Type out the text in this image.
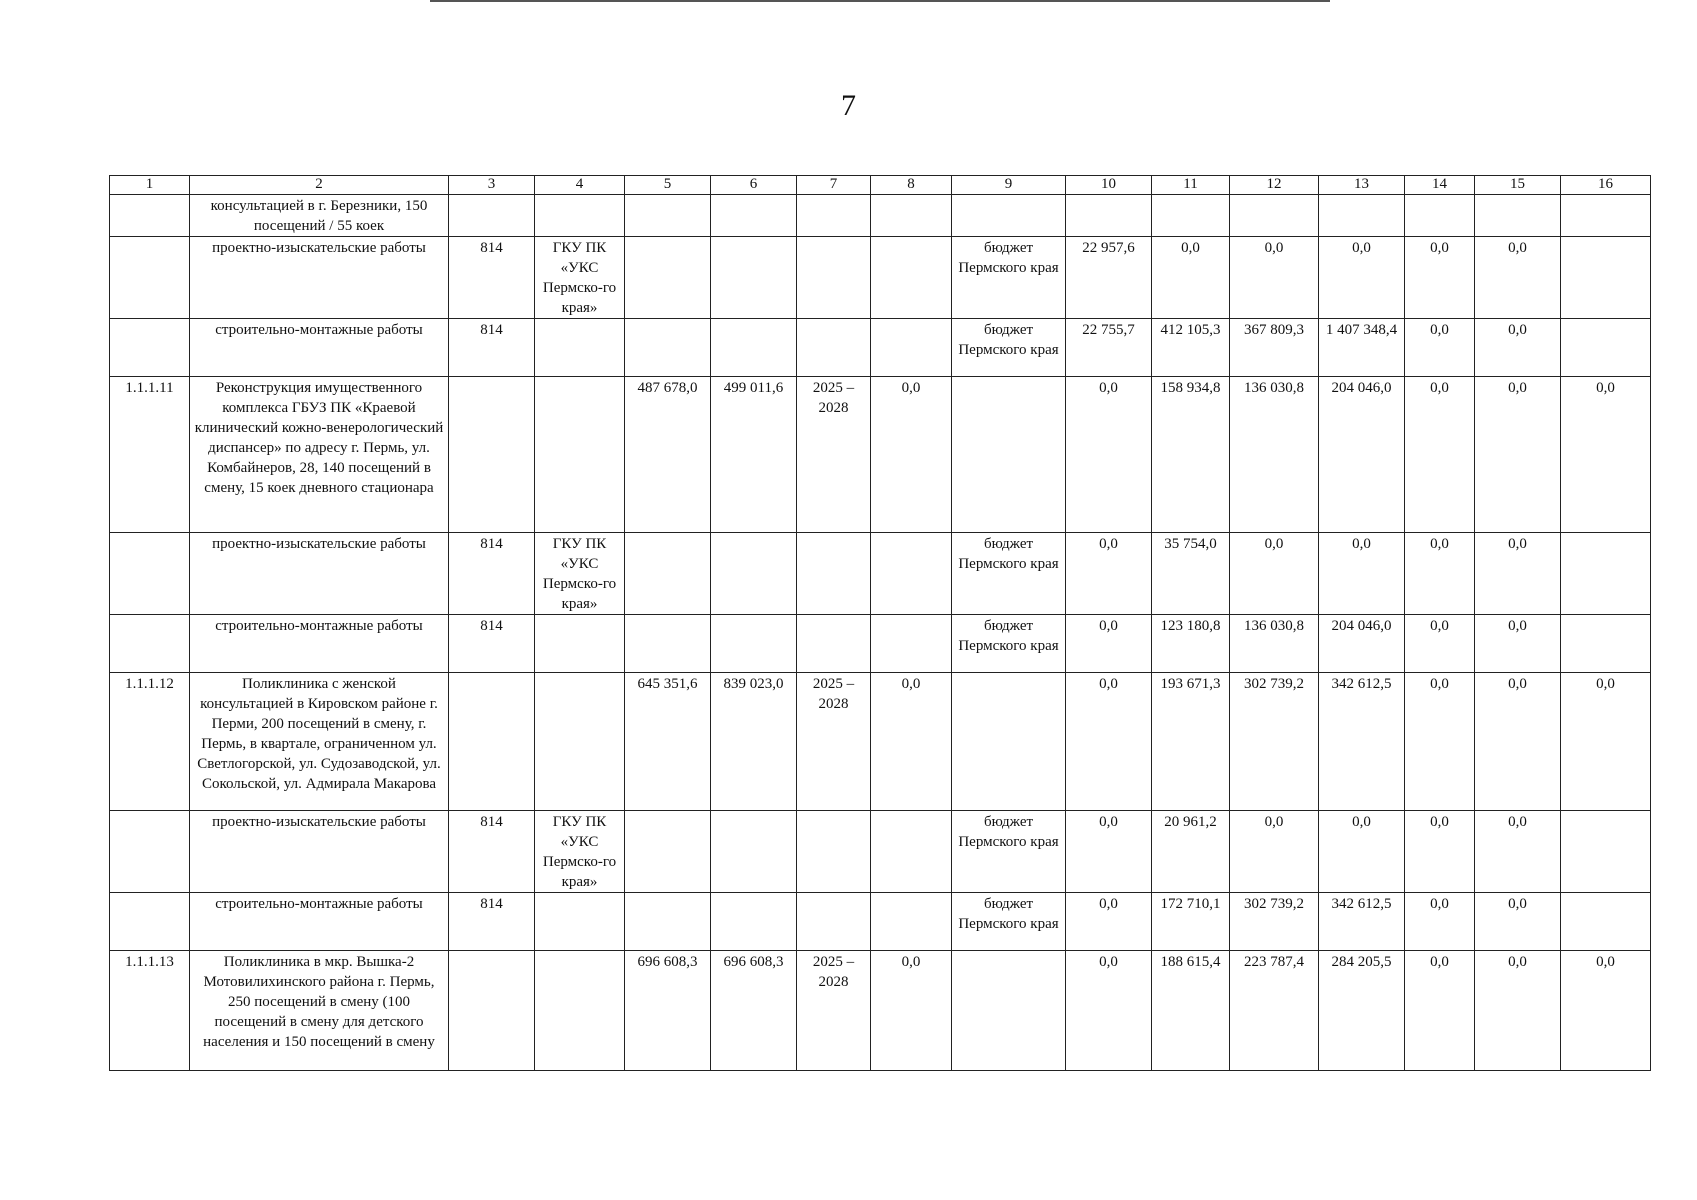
7
1	2	3	4	5	6	7	8	9	10	11	12	13	14	15	16
	консультацией в г. Березники, 150 посещений / 55 коек														
	проектно-изыскательские работы	814	ГКУ ПК «УКС Пермско-го края»					бюджет Пермского края	22 957,6	0,0	0,0	0,0	0,0	0,0	
	строительно-монтажные работы	814						бюджет Пермского края	22 755,7	412 105,3	367 809,3	1 407 348,4	0,0	0,0	
1.1.1.11	Реконструкция имущественного комплекса ГБУЗ ПК «Краевой клинический кожно-венерологический диспансер» по адресу г. Пермь, ул. Комбайнеров, 28, 140 посещений в смену, 15 коек дневного стационара			487 678,0	499 011,6	2025 – 2028	0,0		0,0	158 934,8	136 030,8	204 046,0	0,0	0,0	0,0
	проектно-изыскательские работы	814	ГКУ ПК «УКС Пермско-го края»					бюджет Пермского края	0,0	35 754,0	0,0	0,0	0,0	0,0	
	строительно-монтажные работы	814						бюджет Пермского края	0,0	123 180,8	136 030,8	204 046,0	0,0	0,0	
1.1.1.12	Поликлиника с женской консультацией в Кировском районе г. Перми, 200 посещений в смену, г. Пермь, в квартале, ограниченном ул. Светлогорской, ул. Судозаводской, ул. Сокольской, ул. Адмирала Макарова			645 351,6	839 023,0	2025 – 2028	0,0		0,0	193 671,3	302 739,2	342 612,5	0,0	0,0	0,0
	проектно-изыскательские работы	814	ГКУ ПК «УКС Пермско-го края»					бюджет Пермского края	0,0	20 961,2	0,0	0,0	0,0	0,0	
	строительно-монтажные работы	814						бюджет Пермского края	0,0	172 710,1	302 739,2	342 612,5	0,0	0,0	
1.1.1.13	Поликлиника в мкр. Вышка-2 Мотовилихинского района г. Пермь, 250 посещений в смену (100 посещений в смену для детского населения и 150 посещений в смену			696 608,3	696 608,3	2025 – 2028	0,0		0,0	188 615,4	223 787,4	284 205,5	0,0	0,0	0,0
